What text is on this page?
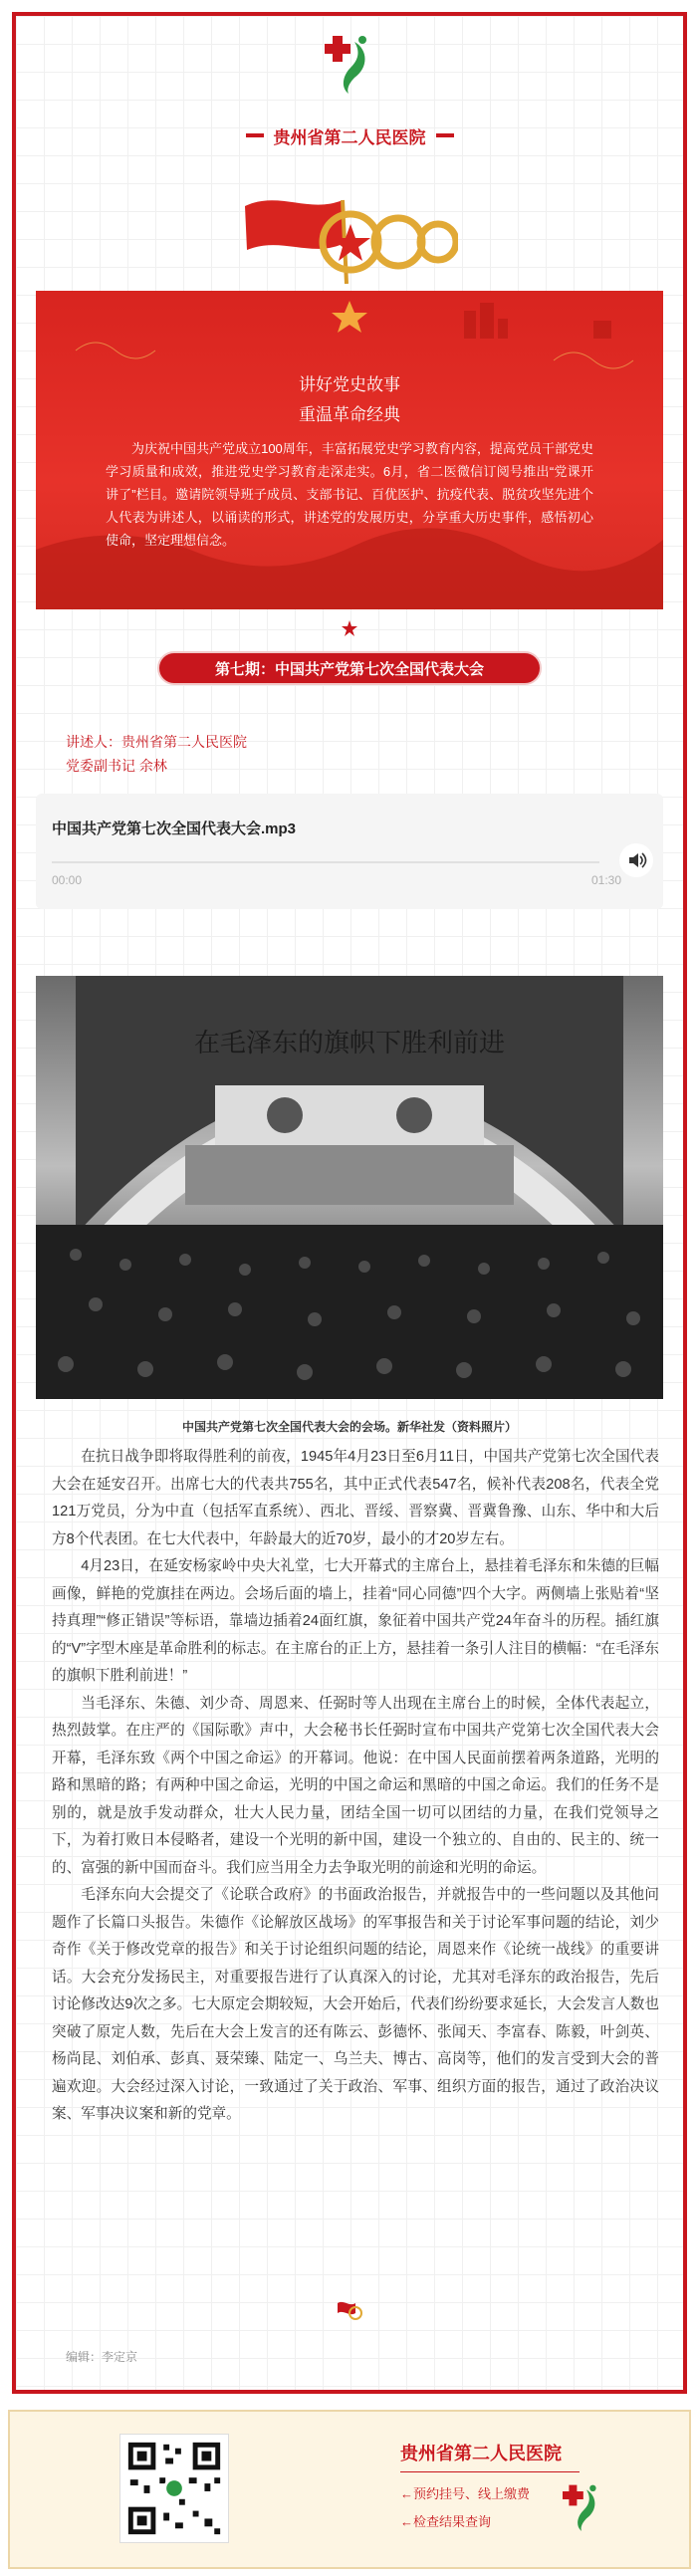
贵州省第二人民医院
讲好党史故事
重温革命经典
为庆祝中国共产党成立100周年，丰富拓展党史学习教育内容，提高党员干部党史学习质量和成效，推进党史学习教育走深走实。6月，省二医微信订阅号推出“党课开讲了”栏目。邀请院领导班子成员、支部书记、百优医护、抗疫代表、脱贫攻坚先进个人代表为讲述人，以诵读的形式，讲述党的发展历史，分享重大历史事件，感悟初心使命，坚定理想信念。
第七期：中国共产党第七次全国代表大会
讲述人：贵州省第二人民医院
党委副书记 余林
中国共产党第七次全国代表大会.mp3
00:00	01:30
在毛泽东的旗帜下胜利前进
中国共产党第七次全国代表大会的会场。新华社发（资料照片）

在抗日战争即将取得胜利的前夜，1945年4月23日至6月11日，中国共产党第七次全国代表大会在延安召开。出席七大的代表共755名，其中正式代表547名，候补代表208名，代表全党121万党员，分为中直（包括军直系统）、西北、晋绥、晋察冀、晋冀鲁豫、山东、华中和大后方8个代表团。在七大代表中，年龄最大的近70岁，最小的才20岁左右。

4月23日，在延安杨家岭中央大礼堂，七大开幕式的主席台上，悬挂着毛泽东和朱德的巨幅画像，鲜艳的党旗挂在两边。会场后面的墙上，挂着“同心同德”四个大字。两侧墙上张贴着“坚持真理”“修正错误”等标语，靠墙边插着24面红旗，象征着中国共产党24年奋斗的历程。插红旗的“V”字型木座是革命胜利的标志。在主席台的正上方，悬挂着一条引人注目的横幅：“在毛泽东的旗帜下胜利前进！”

当毛泽东、朱德、刘少奇、周恩来、任弼时等人出现在主席台上的时候，全体代表起立，热烈鼓掌。在庄严的《国际歌》声中，大会秘书长任弼时宣布中国共产党第七次全国代表大会开幕，毛泽东致《两个中国之命运》的开幕词。他说：在中国人民面前摆着两条道路，光明的路和黑暗的路；有两种中国之命运，光明的中国之命运和黑暗的中国之命运。我们的任务不是别的，就是放手发动群众，壮大人民力量，团结全国一切可以团结的力量，在我们党领导之下，为着打败日本侵略者，建设一个光明的新中国，建设一个独立的、自由的、民主的、统一的、富强的新中国而奋斗。我们应当用全力去争取光明的前途和光明的命运。

毛泽东向大会提交了《论联合政府》的书面政治报告，并就报告中的一些问题以及其他问题作了长篇口头报告。朱德作《论解放区战场》的军事报告和关于讨论军事问题的结论，刘少奇作《关于修改党章的报告》和关于讨论组织问题的结论，周恩来作《论统一战线》的重要讲话。大会充分发扬民主，对重要报告进行了认真深入的讨论，尤其对毛泽东的政治报告，先后讨论修改达9次之多。七大原定会期较短，大会开始后，代表们纷纷要求延长，大会发言人数也突破了原定人数，先后在大会上发言的还有陈云、彭德怀、张闻天、李富春、陈毅，叶剑英、杨尚昆、刘伯承、彭真、聂荣臻、陆定一、乌兰夫、博古、高岗等，他们的发言受到大会的普遍欢迎。大会经过深入讨论，一致通过了关于政治、军事、组织方面的报告，通过了政治决议案、军事决议案和新的党章。

编辑：李定京
贵州省第二人民医院
←预约挂号、线上缴费
←检查结果查询
